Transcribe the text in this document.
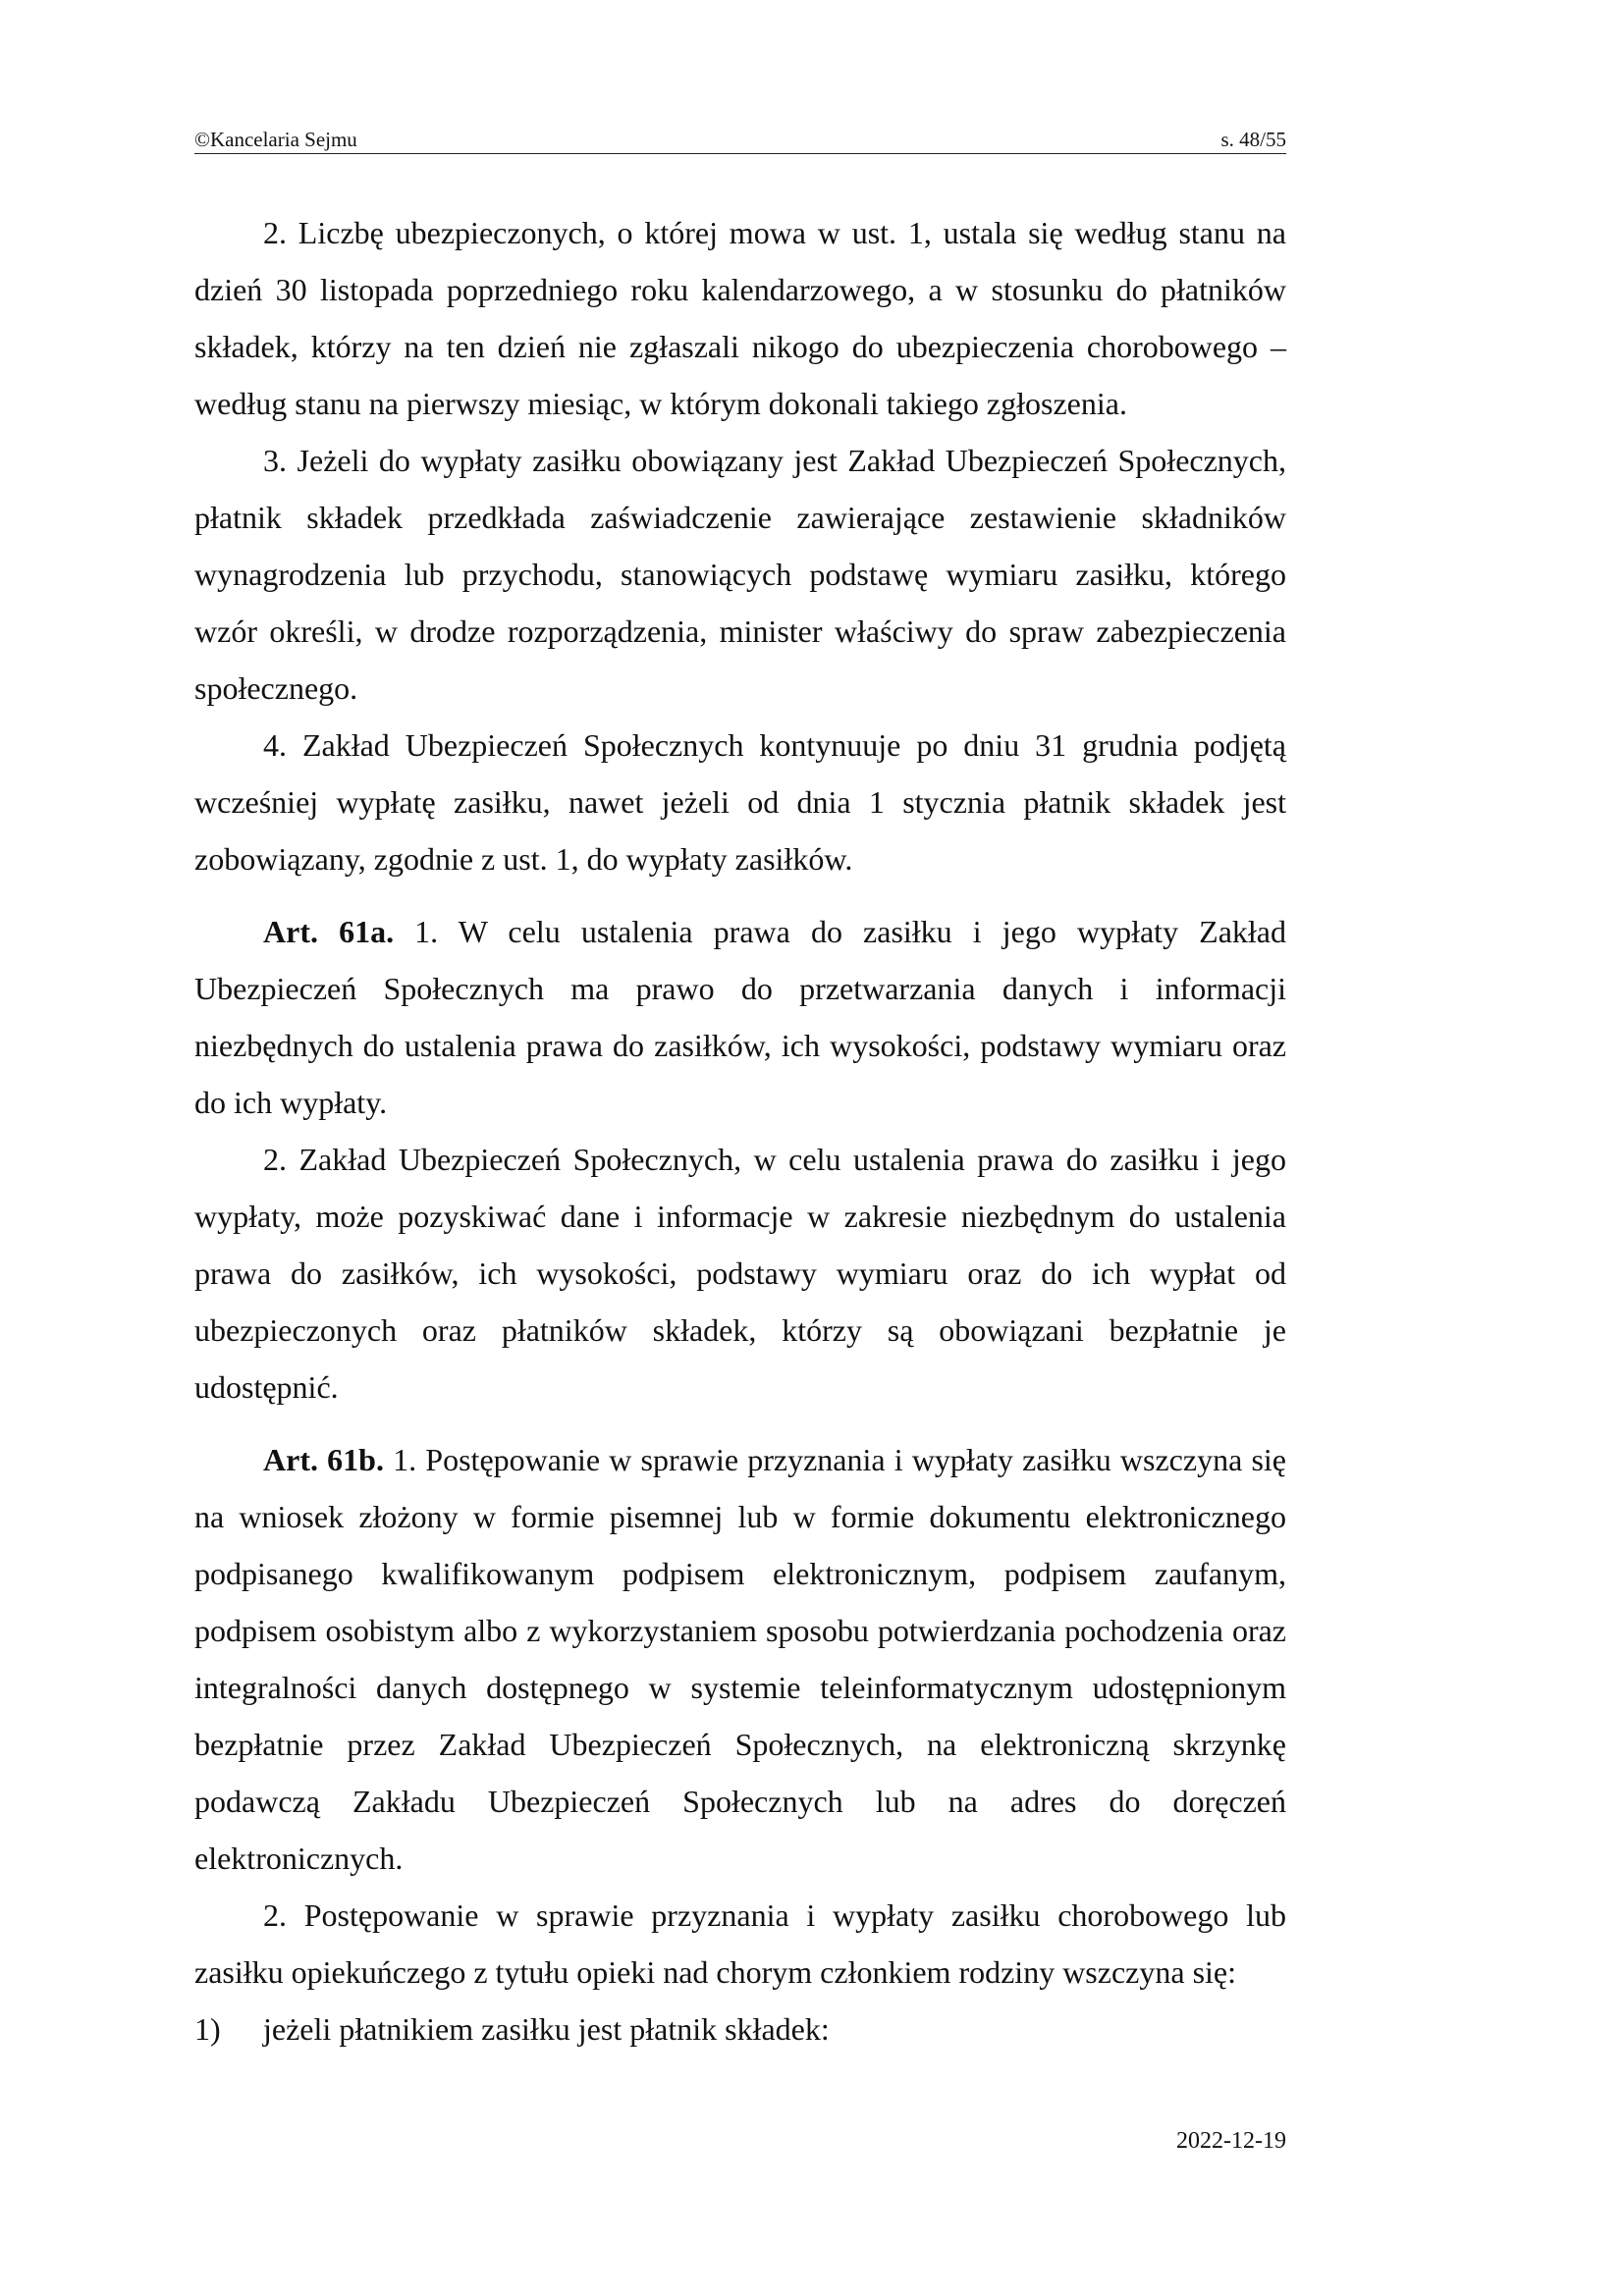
©Kancelaria Sejmu	s. 48/55

2. Liczbę ubezpieczonych, o której mowa w ust. 1, ustala się według stanu na dzień 30 listopada poprzedniego roku kalendarzowego, a w stosunku do płatników składek, którzy na ten dzień nie zgłaszali nikogo do ubezpieczenia chorobowego – według stanu na pierwszy miesiąc, w którym dokonali takiego zgłoszenia.

3. Jeżeli do wypłaty zasiłku obowiązany jest Zakład Ubezpieczeń Społecznych, płatnik składek przedkłada zaświadczenie zawierające zestawienie składników wynagrodzenia lub przychodu, stanowiących podstawę wymiaru zasiłku, którego wzór określi, w drodze rozporządzenia, minister właściwy do spraw zabezpieczenia społecznego.

4. Zakład Ubezpieczeń Społecznych kontynuuje po dniu 31 grudnia podjętą wcześniej wypłatę zasiłku, nawet jeżeli od dnia 1 stycznia płatnik składek jest zobowiązany, zgodnie z ust. 1, do wypłaty zasiłków.

Art. 61a. 1. W celu ustalenia prawa do zasiłku i jego wypłaty Zakład Ubezpieczeń Społecznych ma prawo do przetwarzania danych i informacji niezbędnych do ustalenia prawa do zasiłków, ich wysokości, podstawy wymiaru oraz do ich wypłaty.

2. Zakład Ubezpieczeń Społecznych, w celu ustalenia prawa do zasiłku i jego wypłaty, może pozyskiwać dane i informacje w zakresie niezbędnym do ustalenia prawa do zasiłków, ich wysokości, podstawy wymiaru oraz do ich wypłat od ubezpieczonych oraz płatników składek, którzy są obowiązani bezpłatnie je udostępnić.

Art. 61b. 1. Postępowanie w sprawie przyznania i wypłaty zasiłku wszczyna się na wniosek złożony w formie pisemnej lub w formie dokumentu elektronicznego podpisanego kwalifikowanym podpisem elektronicznym, podpisem zaufanym, podpisem osobistym albo z wykorzystaniem sposobu potwierdzania pochodzenia oraz integralności danych dostępnego w systemie teleinformatycznym udostępnionym bezpłatnie przez Zakład Ubezpieczeń Społecznych, na elektroniczną skrzynkę podawczą Zakładu Ubezpieczeń Społecznych lub na adres do doręczeń elektronicznych.

2. Postępowanie w sprawie przyznania i wypłaty zasiłku chorobowego lub zasiłku opiekuńczego z tytułu opieki nad chorym członkiem rodziny wszczyna się:

1)	jeżeli płatnikiem zasiłku jest płatnik składek:
2022-12-19
